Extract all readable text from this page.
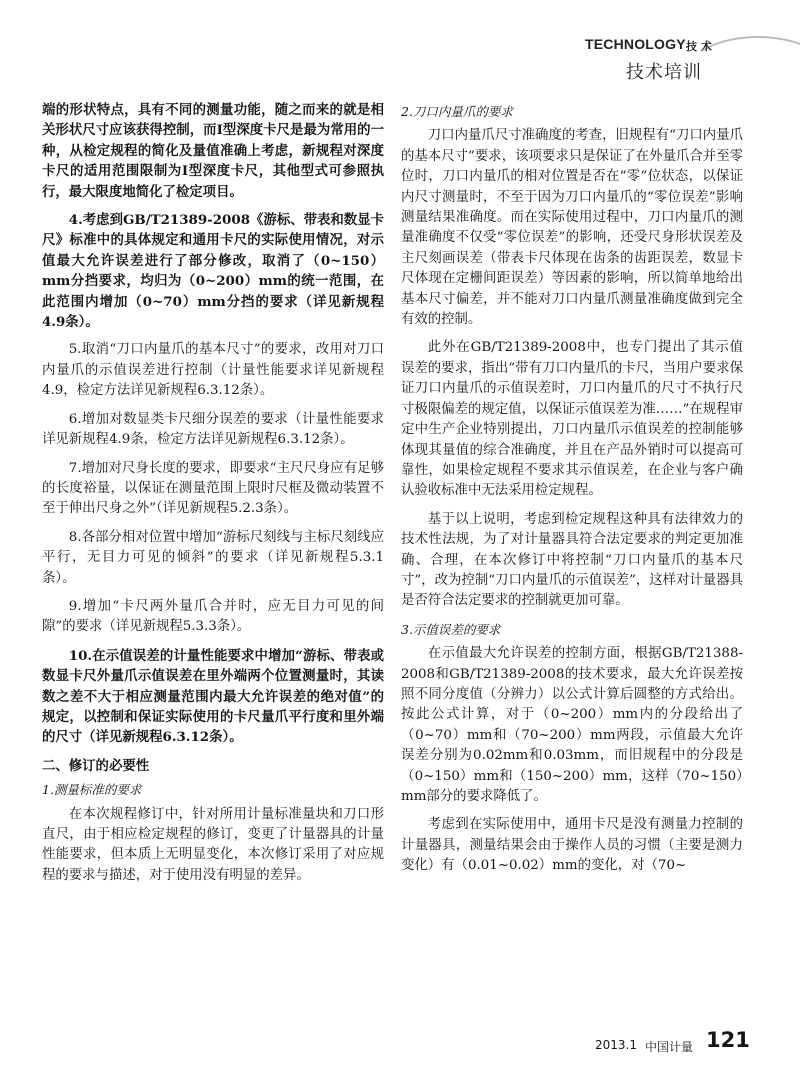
TECHNOLOGY 技 术
技术培训

端的形状特点，具有不同的测量功能，随之而来的就是相关形状尺寸应该获得控制，而Ⅰ型深度卡尺是最为常用的一种，从检定规程的简化及量值准确上考虑，新规程对深度卡尺的适用范围限制为Ⅰ型深度卡尺，其他型式可参照执行，最大限度地简化了检定项目。

4.考虑到GB/T21389-2008《游标、带表和数显卡尺》标准中的具体规定和通用卡尺的实际使用情况，对示值最大允许误差进行了部分修改，取消了（0~150）mm分挡要求，均归为（0~200）mm的统一范围，在此范围内增加（0~70）mm分挡的要求（详见新规程4.9条）。

5.取消“刀口内量爪的基本尺寸”的要求，改用对刀口内量爪的示值误差进行控制（计量性能要求详见新规程4.9，检定方法详见新规程6.3.12条）。

6.增加对数显类卡尺细分误差的要求（计量性能要求详见新规程4.9条，检定方法详见新规程6.3.12条）。

7.增加对尺身长度的要求，即要求“主尺尺身应有足够的长度裕量，以保证在测量范围上限时尺框及微动装置不至于伸出尺身之外”（详见新规程5.2.3条）。

8.各部分相对位置中增加“游标尺刻线与主标尺刻线应平行，无目力可见的倾斜”的要求（详见新规程5.3.1条）。

9.增加“卡尺两外量爪合并时，应无目力可见的间隙”的要求（详见新规程5.3.3条）。

10.在示值误差的计量性能要求中增加“游标、带表或数显卡尺外量爪示值误差在里外端两个位置测量时，其读数之差不大于相应测量范围内最大允许误差的绝对值”的规定，以控制和保证实际使用的卡尺量爪平行度和里外端的尺寸（详见新规程6.3.12条）。

二、修订的必要性
1.测量标准的要求

在本次规程修订中，针对所用计量标准量块和刀口形直尺，由于相应检定规程的修订，变更了计量器具的计量性能要求，但本质上无明显变化，本次修订采用了对应规程的要求与描述，对于使用没有明显的差异。

2.刀口内量爪的要求

刀口内量爪尺寸准确度的考查，旧规程有“刀口内量爪的基本尺寸”要求，该项要求只是保证了在外量爪合并至零位时，刀口内量爪的相对位置是否在“零”位状态，以保证内尺寸测量时，不至于因为刀口内量爪的“零位误差”影响测量结果准确度。而在实际使用过程中，刀口内量爪的测量准确度不仅受“零位误差”的影响，还受尺身形状误差及主尺刻画误差（带表卡尺体现在齿条的齿距误差，数显卡尺体现在定栅间距误差）等因素的影响，所以简单地给出基本尺寸偏差，并不能对刀口内量爪测量准确度做到完全有效的控制。

此外在GB/T21389-2008中，也专门提出了其示值误差的要求，指出“带有刀口内量爪的卡尺，当用户要求保证刀口内量爪的示值误差时，刀口内量爪的尺寸不执行尺寸极限偏差的规定值，以保证示值误差为准……”在规程审定中生产企业特别提出，刀口内量爪示值误差的控制能够体现其量值的综合准确度，并且在产品外销时可以提高可靠性，如果检定规程不要求其示值误差，在企业与客户确认验收标准中无法采用检定规程。

基于以上说明，考虑到检定规程这种具有法律效力的技术性法规，为了对计量器具符合法定要求的判定更加准确、合理，在本次修订中将控制“刀口内量爪的基本尺寸”，改为控制“刀口内量爪的示值误差”，这样对计量器具是否符合法定要求的控制就更加可靠。

3.示值误差的要求

在示值最大允许误差的控制方面，根据GB/T21388-2008和GB/T21389-2008的技术要求，最大允许误差按照不同分度值（分辨力）以公式计算后圆整的方式给出。按此公式计算，对于（0~200）mm内的分段给出了（0~70）mm和（70~200）mm两段，示值最大允许误差分别为0.02mm和0.03mm，而旧规程中的分段是（0~150）mm和（150~200）mm，这样（70~150）mm部分的要求降低了。

考虑到在实际使用中，通用卡尺是没有测量力控制的计量器具，测量结果会由于操作人员的习惯（主要是测力变化）有（0.01~0.02）mm的变化，对（70~

2013.1 中国计量 121
